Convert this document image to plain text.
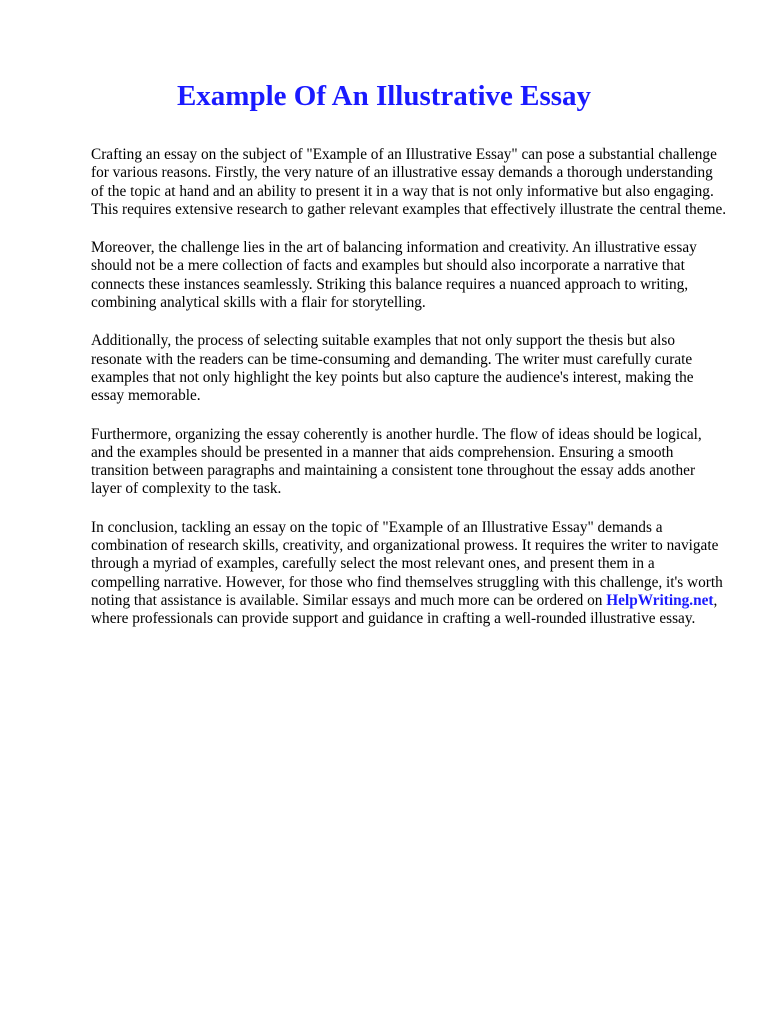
Example Of An Illustrative Essay

Crafting an essay on the subject of "Example of an Illustrative Essay" can pose a substantial challenge for various reasons. Firstly, the very nature of an illustrative essay demands a thorough understanding of the topic at hand and an ability to present it in a way that is not only informative but also engaging. This requires extensive research to gather relevant examples that effectively illustrate the central theme.

Moreover, the challenge lies in the art of balancing information and creativity. An illustrative essay should not be a mere collection of facts and examples but should also incorporate a narrative that connects these instances seamlessly. Striking this balance requires a nuanced approach to writing, combining analytical skills with a flair for storytelling.

Additionally, the process of selecting suitable examples that not only support the thesis but also resonate with the readers can be time-consuming and demanding. The writer must carefully curate examples that not only highlight the key points but also capture the audience's interest, making the essay memorable.

Furthermore, organizing the essay coherently is another hurdle. The flow of ideas should be logical, and the examples should be presented in a manner that aids comprehension. Ensuring a smooth transition between paragraphs and maintaining a consistent tone throughout the essay adds another layer of complexity to the task.

In conclusion, tackling an essay on the topic of "Example of an Illustrative Essay" demands a combination of research skills, creativity, and organizational prowess. It requires the writer to navigate through a myriad of examples, carefully select the most relevant ones, and present them in a compelling narrative. However, for those who find themselves struggling with this challenge, it's worth noting that assistance is available. Similar essays and much more can be ordered on HelpWriting.net, where professionals can provide support and guidance in crafting a well-rounded illustrative essay.
